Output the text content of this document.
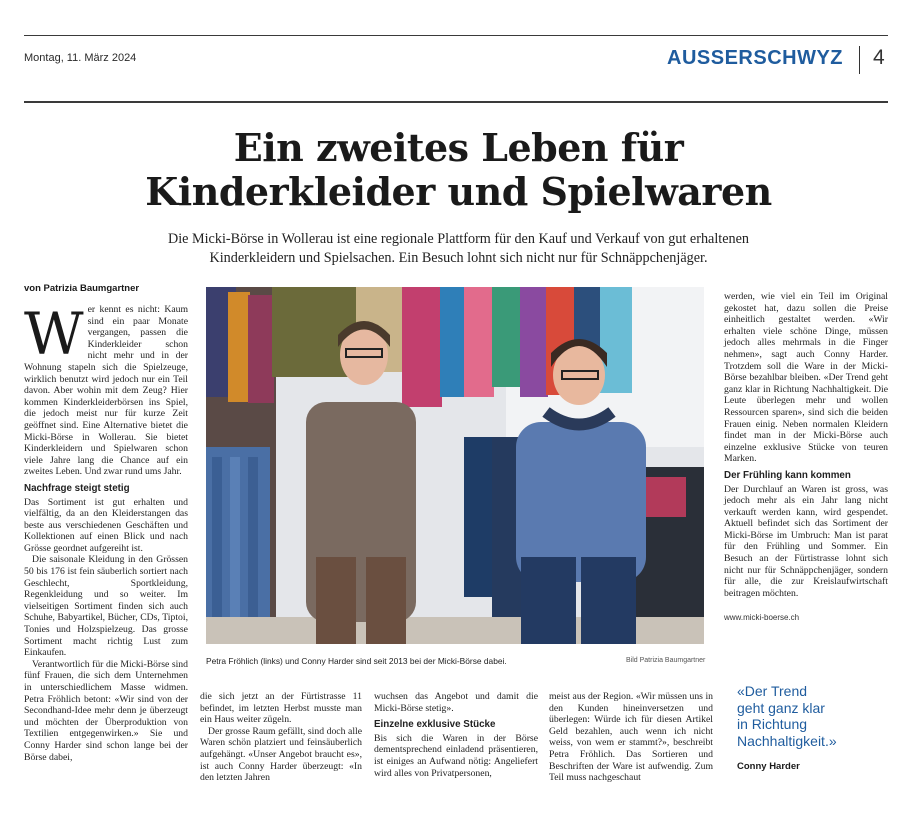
Montag, 11. März 2024	AUSSERSCHWYZ 4
Ein zweites Leben für
Kinderkleider und Spielwaren
Die Micki-Börse in Wollerau ist eine regionale Plattform für den Kauf und Verkauf von gut erhaltenen
Kinderkleidern und Spielsachen. Ein Besuch lohnt sich nicht nur für Schnäppchenjäger.
von Patrizia Baumgartner

Wer kennt es nicht: Kaum sind ein paar Monate vergangen, passen die Kinderkleider schon nicht mehr und in der Wohnung stapeln sich die Spielzeuge, wirklich benutzt wird jedoch nur ein Teil davon. Aber wohin mit dem Zeug? Hier kommen Kinderkleiderbörsen ins Spiel, die jedoch meist nur für kurze Zeit geöffnet sind. Eine Alternative bietet die Micki-Börse in Wollerau. Sie bietet Kinderkleidern und Spielwaren schon viele Jahre lang die Chance auf ein zweites Leben. Und zwar rund ums Jahr.

Nachfrage steigt stetig

Das Sortiment ist gut erhalten und vielfältig, da an den Kleiderstangen das beste aus verschiedenen Geschäften und Kollektionen auf einen Blick und nach Grösse geordnet aufgereiht ist.

Die saisonale Kleidung in den Grössen 50 bis 176 ist fein säuberlich sortiert nach Geschlecht, Sportkleidung, Regenkleidung und so weiter. Im vielseitigen Sortiment finden sich auch Schuhe, Babyartikel, Bücher, CDs, Tiptoi, Tonies und Holzspielzeug. Das grosse Sortiment macht richtig Lust zum Einkaufen.

Verantwortlich für die Micki-Börse sind fünf Frauen, die sich dem Unternehmen in unterschiedlichem Masse widmen. Petra Fröhlich betont: «Wir sind von der Secondhand-Idee mehr denn je überzeugt und möchten der Überproduktion von Textilien entgegenwirken.» Sie und Conny Harder sind schon lange bei der Börse dabei,

Petra Fröhlich (links) und Conny Harder sind seit 2013 bei der Micki-Börse dabei.	Bild Patrizia Baumgartner

die sich jetzt an der Fürtistrasse 11 befindet, im letzten Herbst musste man ein Haus weiter zügeln.

Der grosse Raum gefällt, sind doch alle Waren schön platziert und feinsäuberlich aufgehängt. «Unser Angebot braucht es», ist auch Conny Harder überzeugt: «In den letzten Jahren

wuchsen das Angebot und damit die Micki-Börse stetig».

Einzelne exklusive Stücke

Bis sich die Waren in der Börse dementsprechend einladend präsentieren, ist einiges an Aufwand nötig: Angeliefert wird alles von Privatpersonen,

meist aus der Region. «Wir müssen uns in den Kunden hineinversetzen und überlegen: Würde ich für diesen Artikel Geld bezahlen, auch wenn ich nicht weiss, von wem er stammt?», beschreibt Petra Fröhlich. Das Sortieren und Beschriften der Ware ist aufwendig. Zum Teil muss nachgeschaut

werden, wie viel ein Teil im Original gekostet hat, dazu sollen die Preise einheitlich gestaltet werden. «Wir erhalten viele schöne Dinge, müssen jedoch alles mehrmals in die Finger nehmen», sagt auch Conny Harder. Trotzdem soll die Ware in der Micki-Börse bezahlbar bleiben. «Der Trend geht ganz klar in Richtung Nachhaltigkeit. Die Leute überlegen mehr und wollen Ressourcen sparen», sind sich die beiden Frauen einig. Neben normalen Kleidern findet man in der Micki-Börse auch einzelne exklusive Stücke von teuren Marken.

Der Frühling kann kommen

Der Durchlauf an Waren ist gross, was jedoch mehr als ein Jahr lang nicht verkauft werden kann, wird gespendet. Aktuell befindet sich das Sortiment der Micki-Börse im Umbruch: Man ist parat für den Frühling und Sommer. Ein Besuch an der Fürtistrasse lohnt sich nicht nur für Schnäppchenjäger, sondern für alle, die zur Kreislaufwirtschaft beitragen möchten.

www.micki-boerse.ch
«Der Trend
geht ganz klar
in Richtung
Nachhaltigkeit.»
Conny Harder
